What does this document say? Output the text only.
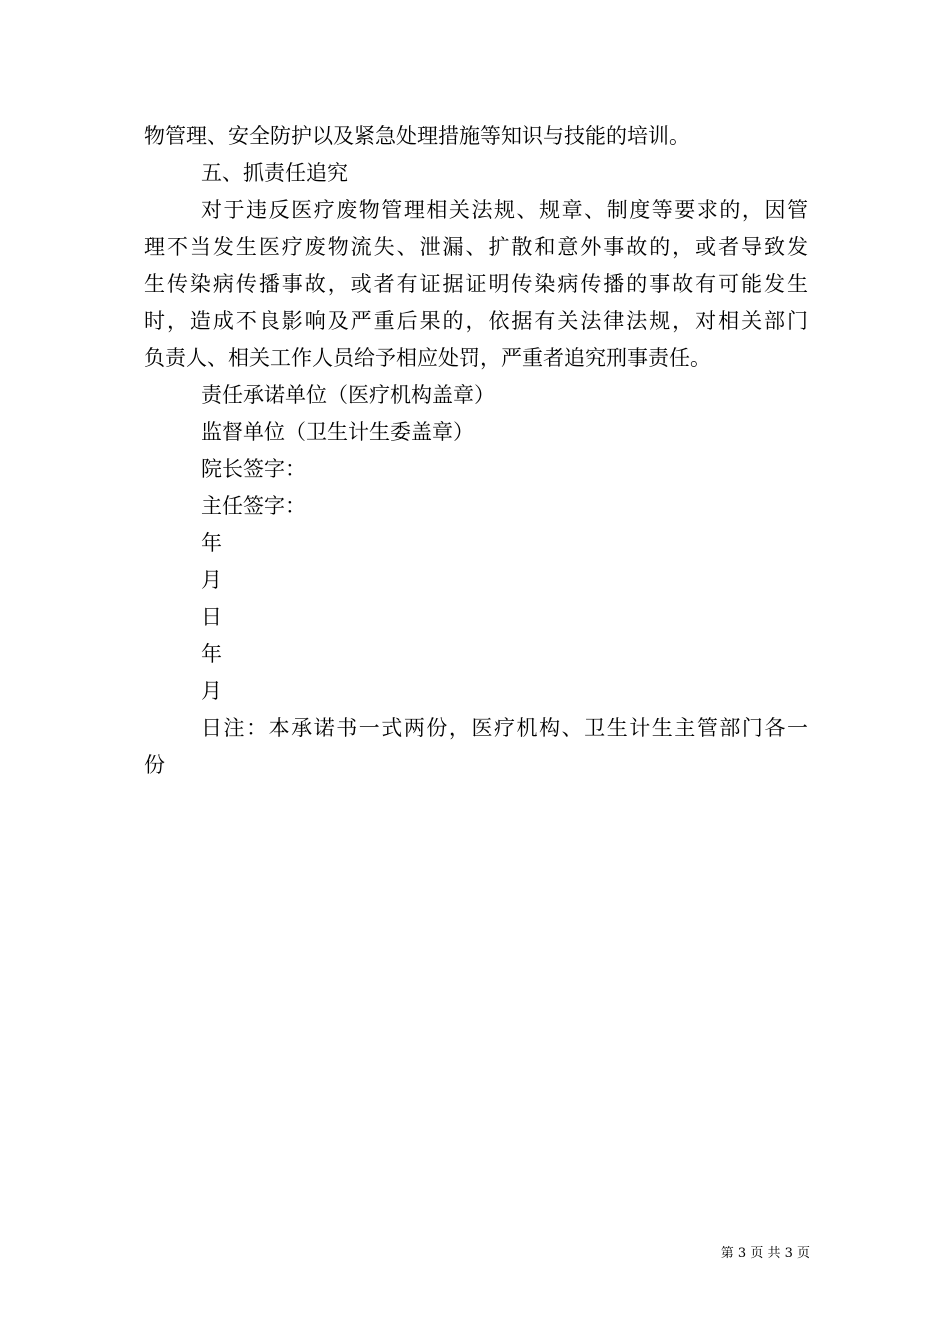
物管理、安全防护以及紧急处理措施等知识与技能的培训。
五、抓责任追究
对于违反医疗废物管理相关法规、规章、制度等要求的，因管
理不当发生医疗废物流失、泄漏、扩散和意外事故的，或者导致发
生传染病传播事故，或者有证据证明传染病传播的事故有可能发生
时，造成不良影响及严重后果的，依据有关法律法规，对相关部门
负责人、相关工作人员给予相应处罚，严重者追究刑事责任。
责任承诺单位（医疗机构盖章）
监督单位（卫生计生委盖章）
院长签字：
主任签字：
年
月
日
年
月
日注：本承诺书一式两份，医疗机构、卫生计生主管部门各一
份
第 3 页 共 3 页
